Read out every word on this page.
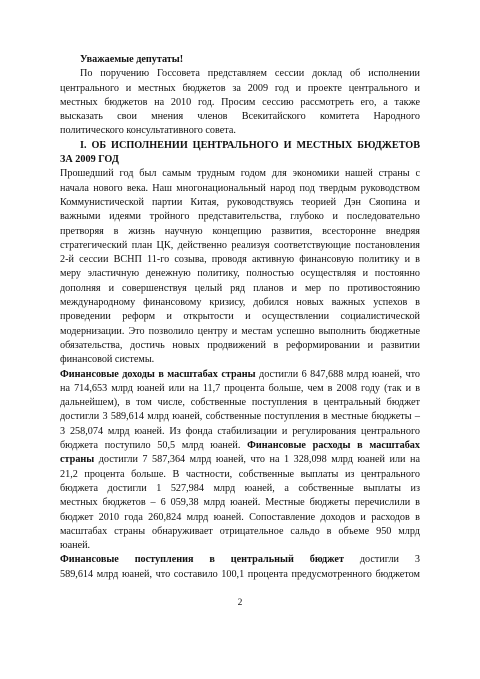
Уважаемые депутаты!
По поручению Госсовета представляем сессии доклад об исполнении
центрального и местных бюджетов за 2009 год и проекте центрального и
местных бюджетов на 2010 год. Просим сессию рассмотреть его, а также
высказать свои мнения членов Всекитайского комитета Народного
политического консультативного совета.
I. ОБ ИСПОЛНЕНИИ ЦЕНТРАЛЬНОГО И МЕСТНЫХ БЮДЖЕТОВ
ЗА 2009 ГОД
Прошедший год был самым трудным годом для экономики нашей страны с
начала нового века. Наш многонациональный народ под твердым руководством
Коммунистической партии Китая, руководствуясь теорией Дэн Сяопина и
важными идеями тройного представительства, глубоко и последовательно
претворяя в жизнь научную концепцию развития, всесторонне внедряя
стратегический план ЦК, действенно реализуя соответствующие постановления
2-й сессии ВСНП 11-го созыва, проводя активную финансовую политику и в
меру эластичную денежную политику, полностью осуществляя и постоянно
дополняя и совершенствуя целый ряд планов и мер по противостоянию
международному финансовому кризису, добился новых важных успехов в
проведении реформ и открытости и осуществлении социалистической
модернизации. Это позволило центру и местам успешно выполнить бюджетные
обязательства, достичь новых продвижений в реформировании и развитии
финансовой системы.
Финансовые доходы в масштабах страны достигли 6 847,688 млрд юаней, что
на 714,653 млрд юаней или на 11,7 процента больше, чем в 2008 году (так и в
дальнейшем), в том числе, собственные поступления в центральный бюджет
достигли 3 589,614 млрд юаней, собственные поступления в местные бюджеты –
3 258,074 млрд юаней. Из фонда стабилизации и регулирования центрального
бюджета поступило 50,5 млрд юаней. Финансовые расходы в масштабах
страны достигли 7 587,364 млрд юаней, что на 1 328,098 млрд юаней или на
21,2 процента больше. В частности, собственные выплаты из центрального
бюджета достигли 1 527,984 млрд юаней, а собственные выплаты из
местных бюджетов – 6 059,38 млрд юаней. Местные бюджеты перечислили в
бюджет 2010 года 260,824 млрд юаней. Сопоставление доходов и расходов в
масштабах страны обнаруживает отрицательное сальдо в объеме 950 млрд
юаней.
Финансовые поступления в центральный бюджет достигли 3
589,614 млрд юаней, что составило 100,1 процента предусмотренного бюджетом
2
